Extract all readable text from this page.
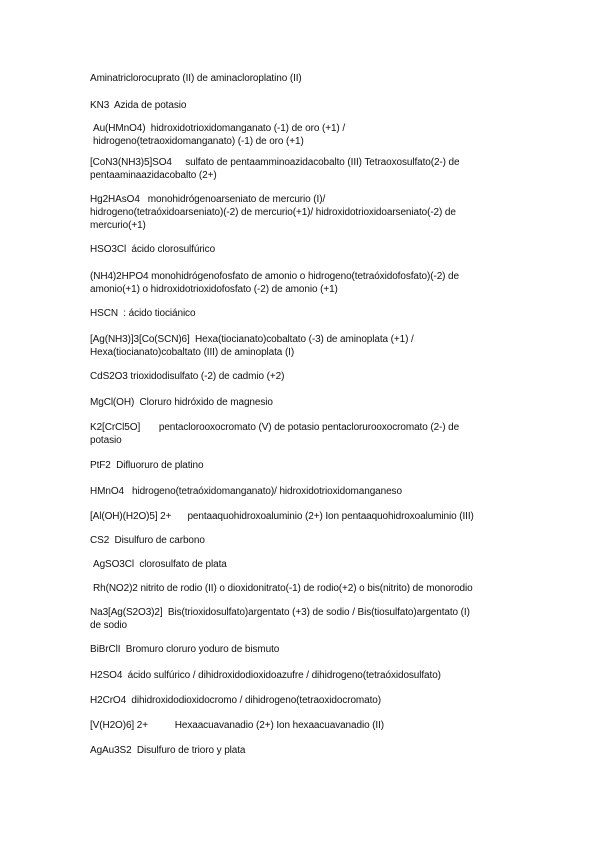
Aminatriclorocuprato (II) de aminacloroplatino (II)
KN3  Azida de potasio
Au(HMnO4)  hidroxidotrioxidomanganato (-1) de oro (+1) /
hidrogeno(tetraoxidomanganato) (-1) de oro (+1)
[CoN3(NH3)5]SO4     sulfato de pentaamminoazidacobalto (III) Tetraoxosulfato(2-) de
pentaaminaazidacobalto (2+)
Hg2HAsO4   monohidrógenoarseniato de mercurio (I)/
hidrogeno(tetraóxidoarseniato)(-2) de mercurio(+1)/ hidroxidotrioxidoarseniato(-2) de
mercurio(+1)
HSO3Cl  ácido clorosulfúrico
(NH4)2HPO4 monohidrógenofosfato de amonio o hidrogeno(tetraóxidofosfato)(-2) de
amonio(+1) o hidroxidotrioxidofosfato (-2) de amonio (+1)
HSCN  : ácido tiociánico
[Ag(NH3)]3[Co(SCN)6]  Hexa(tiocianato)cobaltato (-3) de aminoplata (+1) /
Hexa(tiocianato)cobaltato (III) de aminoplata (I)
CdS2O3 trioxidodisulfato (-2) de cadmio (+2)
MgCl(OH)  Cloruro hidróxido de magnesio
K2[CrCl5O]       pentaclorooxocromato (V) de potasio pentaclorurooxocromato (2-) de
potasio
PtF2  Difluoruro de platino
HMnO4   hidrogeno(tetraóxidomanganato)/ hidroxidotrioxidomanganeso
[Al(OH)(H2O)5] 2+      pentaaquohidroxoaluminio (2+) Ion pentaaquohidroxoaluminio (III)
CS2  Disulfuro de carbono
AgSO3Cl  clorosulfato de plata
Rh(NO2)2 nitrito de rodio (II) o dioxidonitrato(-1) de rodio(+2) o bis(nitrito) de monorodio
Na3[Ag(S2O3)2]  Bis(trioxidosulfato)argentato (+3) de sodio / Bis(tiosulfato)argentato (I)
de sodio
BiBrClI  Bromuro cloruro yoduro de bismuto
H2SO4  ácido sulfúrico / dihidroxidodioxidoazufre / dihidrogeno(tetraóxidosulfato)
H2CrO4  dihidroxidodioxidocromo / dihidrogeno(tetraoxidocromato)
[V(H2O)6] 2+          Hexaacuavanadio (2+) Ion hexaacuavanadio (II)
AgAu3S2  Disulfuro de trioro y plata
